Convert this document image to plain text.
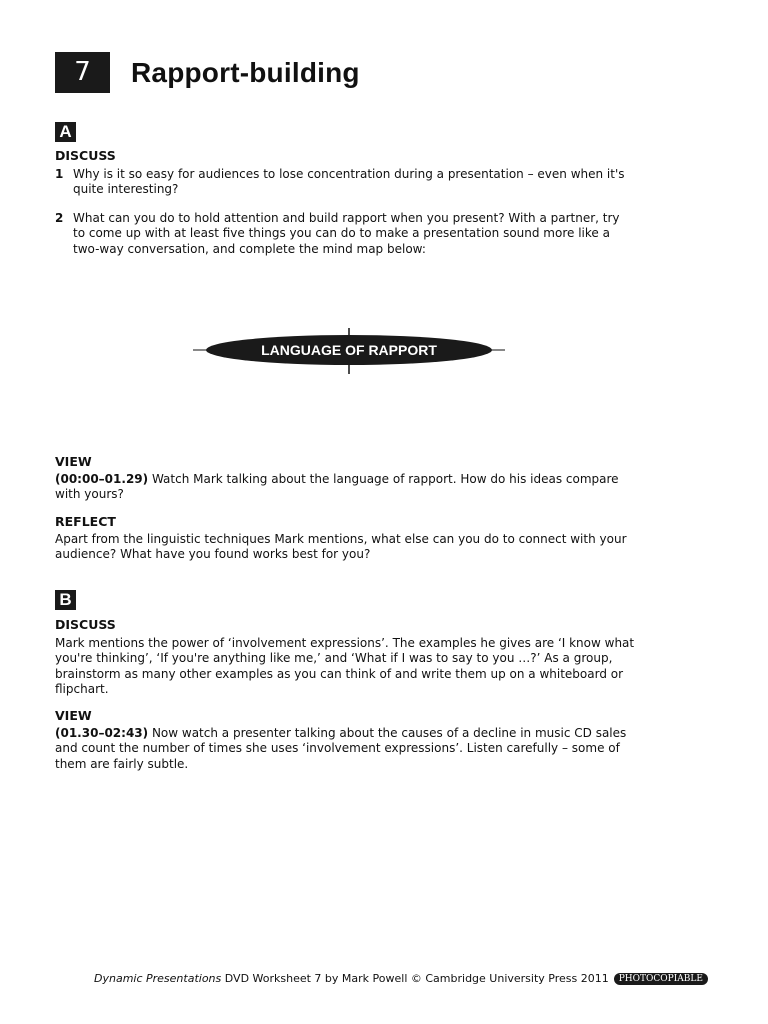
7	Rapport-building
A
DISCUSS
1 Why is it so easy for audiences to lose concentration during a presentation – even when it's quite interesting?
2 What can you do to hold attention and build rapport when you present? With a partner, try to come up with at least five things you can do to make a presentation sound more like a two-way conversation, and complete the mind map below:
LANGUAGE OF RAPPORT
VIEW
(00:00–01.29) Watch Mark talking about the language of rapport. How do his ideas compare with yours?
REFLECT
Apart from the linguistic techniques Mark mentions, what else can you do to connect with your audience? What have you found works best for you?
B
DISCUSS
Mark mentions the power of ‘involvement expressions’. The examples he gives are ‘I know what you're thinking’, ‘If you're anything like me,’ and ‘What if I was to say to you …?’ As a group, brainstorm as many other examples as you can think of and write them up on a whiteboard or flipchart.
VIEW
(01.30–02:43) Now watch a presenter talking about the causes of a decline in music CD sales and count the number of times she uses ‘involvement expressions’. Listen carefully – some of them are fairly subtle.
Dynamic Presentations DVD Worksheet 7 by Mark Powell © Cambridge University Press 2011 PHOTOCOPIABLE
